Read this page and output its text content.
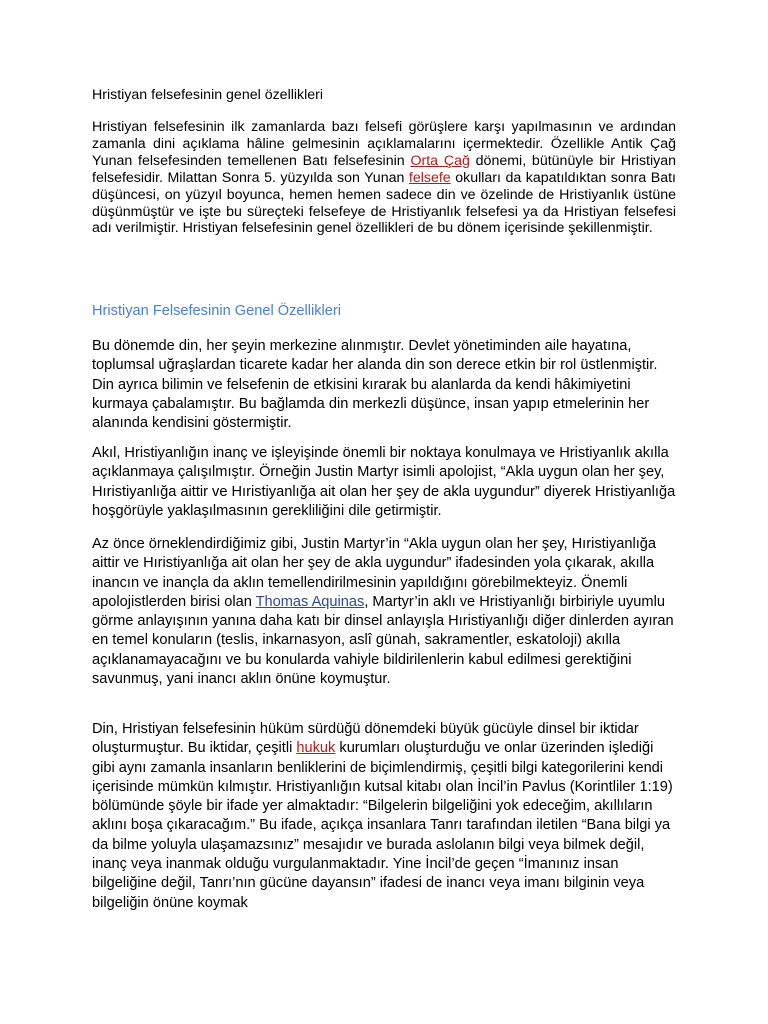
Hristiyan felsefesinin genel özellikleri

Hristiyan felsefesinin ilk zamanlarda bazı felsefi görüşlere karşı yapılmasının ve ardından zamanla dini açıklama hâline gelmesinin açıklamalarını içermektedir. Özellikle Antik Çağ Yunan felsefesinden temellenen Batı felsefesinin Orta Çağ dönemi, bütünüyle bir Hristiyan felsefesidir. Milattan Sonra 5. yüzyılda son Yunan felsefe okulları da kapatıldıktan sonra Batı düşüncesi, on yüzyıl boyunca, hemen hemen sadece din ve özelinde de Hristiyanlık üstüne düşünmüştür ve işte bu süreçteki felsefeye de Hristiyanlık felsefesi ya da Hristiyan felsefesi adı verilmiştir. Hristiyan felsefesinin genel özellikleri de bu dönem içerisinde şekillenmiştir.

Hristiyan Felsefesinin Genel Özellikleri

Bu dönemde din, her şeyin merkezine alınmıştır. Devlet yönetiminden aile hayatına, toplumsal uğraşlardan ticarete kadar her alanda din son derece etkin bir rol üstlenmiştir. Din ayrıca bilimin ve felsefenin de etkisini kırarak bu alanlarda da kendi hâkimiyetini kurmaya çabalamıştır. Bu bağlamda din merkezli düşünce, insan yapıp etmelerinin her alanında kendisini göstermiştir.

Akıl, Hristiyanlığın inanç ve işleyişinde önemli bir noktaya konulmaya ve Hristiyanlık akılla açıklanmaya çalışılmıştır. Örneğin Justin Martyr isimli apolojist, “Akla uygun olan her şey, Hıristiyanlığa aittir ve Hıristiyanlığa ait olan her şey de akla uygundur” diyerek Hristiyanlığa hoşgörüyle yaklaşılmasının gerekliliğini dile getirmiştir.

Az önce örneklendirdiğimiz gibi, Justin Martyr’in “Akla uygun olan her şey, Hıristiyanlığa aittir ve Hıristiyanlığa ait olan her şey de akla uygundur” ifadesinden yola çıkarak, akılla inancın ve inançla da aklın temellendirilmesinin yapıldığını görebilmekteyiz. Önemli apolojistlerden birisi olan Thomas Aquinas, Martyr’in aklı ve Hristiyanlığı birbiriyle uyumlu görme anlayışının yanına daha katı bir dinsel anlayışla Hıristiyanlığı diğer dinlerden ayıran en temel konuların (teslis, inkarnasyon, aslî günah, sakramentler, eskatoloji) akılla açıklanamayacağını ve bu konularda vahiyle bildirilenlerin kabul edilmesi gerektiğini savunmuş, yani inancı aklın önüne koymuştur.

Din, Hristiyan felsefesinin hüküm sürdüğü dönemdeki büyük gücüyle dinsel bir iktidar oluşturmuştur. Bu iktidar, çeşitli hukuk kurumları oluşturduğu ve onlar üzerinden işlediği gibi aynı zamanla insanların benliklerini de biçimlendirmiş, çeşitli bilgi kategorilerini kendi içerisinde mümkün kılmıştır. Hristiyanlığın kutsal kitabı olan İncil’in Pavlus (Korintliler 1:19) bölümünde şöyle bir ifade yer almaktadır: “Bilgelerin bilgeliğini yok edeceğim, akıllıların aklını boşa çıkaracağım.” Bu ifade, açıkça insanlara Tanrı tarafından iletilen “Bana bilgi ya da bilme yoluyla ulaşamazsınız” mesajıdır ve burada aslolanın bilgi veya bilmek değil, inanç veya inanmak olduğu vurgulanmaktadır. Yine İncil’de geçen “İmanınız insan bilgeliğine değil, Tanrı’nın gücüne dayansın” ifadesi de inancı veya imanı bilginin veya bilgeliğin önüne koymak
